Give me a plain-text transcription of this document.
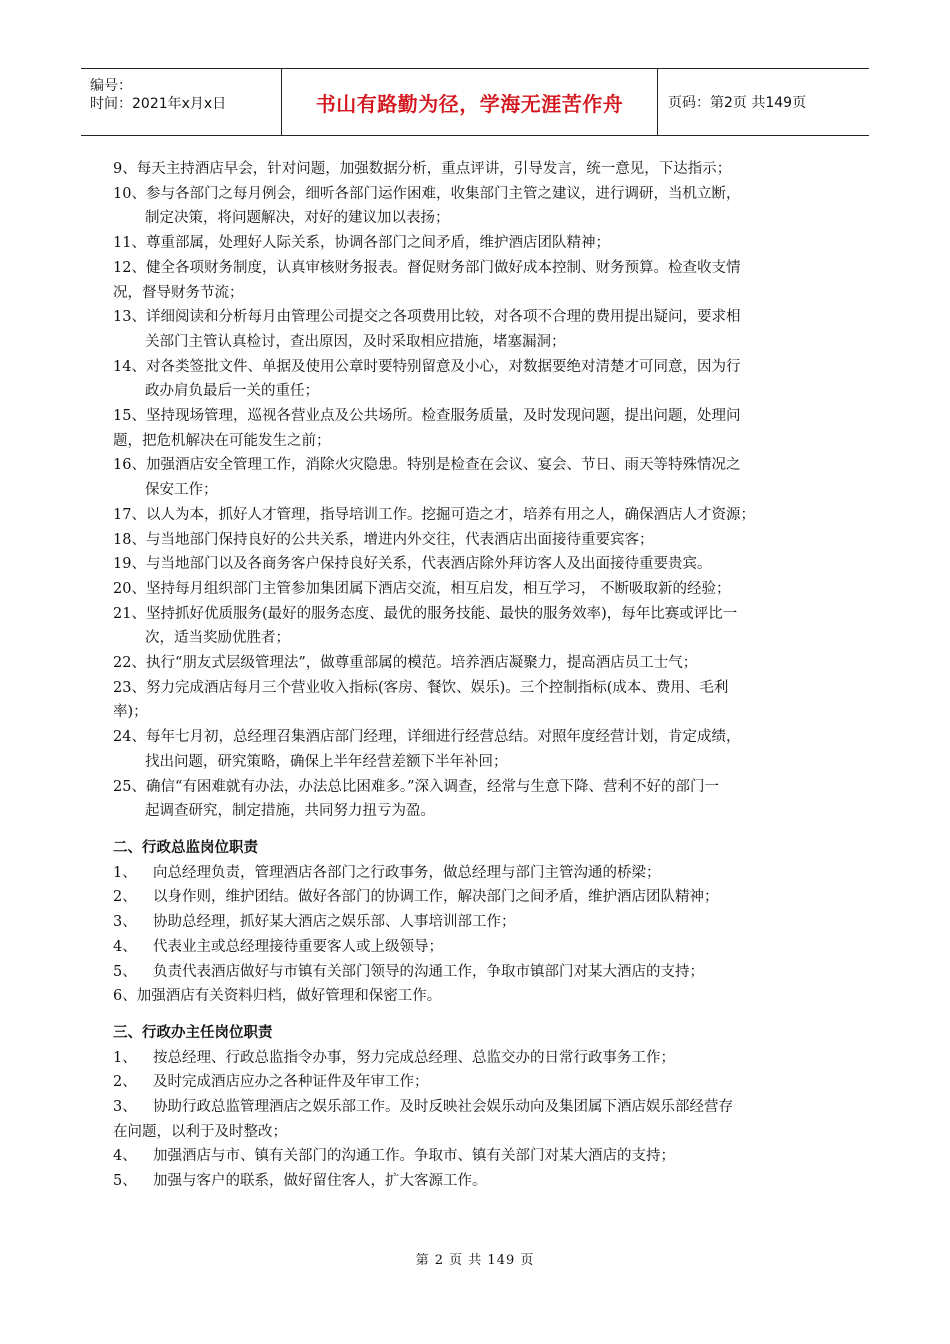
编号：
时间：2021年x月x日	书山有路勤为径，学海无涯苦作舟	页码：第2页 共149页
9、 每天主持酒店早会，针对问题，加强数据分析，重点评讲，引导发言，统一意见，下达指示；
10、 参与各部门之每月例会，细听各部门运作困难，收集部门主管之建议，进行调研，当机立断，
制定决策，将问题解决，对好的建议加以表扬；
11、 尊重部属，处理好人际关系，协调各部门之间矛盾，维护酒店团队精神；
12、健全各项财务制度，认真审核财务报表。督促财务部门做好成本控制、财务预算。检查收支情
况，督导财务节流；
13、 详细阅读和分析每月由管理公司提交之各项费用比较，对各项不合理的费用提出疑问，要求相
关部门主管认真检讨，查出原因，及时采取相应措施，堵塞漏洞；
14、 对各类签批文件、单据及使用公章时要特别留意及小心，对数据要绝对清楚才可同意，因为行
政办肩负最后一关的重任；
15、坚持现场管理，巡视各营业点及公共场所。检查服务质量，及时发现问题，提出问题，处理问
题，把危机解决在可能发生之前；
16、 加强酒店安全管理工作，消除火灾隐患。特别是检查在会议、宴会、节日、雨天等特殊情况之
保安工作；
17、 以人为本，抓好人才管理，指导培训工作。挖掘可造之才，培养有用之人，确保酒店人才资源；
18、 与当地部门保持良好的公共关系，增进内外交往，代表酒店出面接待重要宾客；
19、 与当地部门以及各商务客户保持良好关系，代表酒店除外拜访客人及出面接待重要贵宾。
20、 坚持每月组织部门主管参加集团属下酒店交流，相互启发，相互学习， 不断吸取新的经验；
21、 坚持抓好优质服务(最好的服务态度、最优的服务技能、最快的服务效率)，每年比赛或评比一
次，适当奖励优胜者；
22、 执行“朋友式层级管理法”，做尊重部属的模范。培养酒店凝聚力，提高酒店员工士气；
23、努力完成酒店每月三个营业收入指标(客房、餐饮、娱乐)。三个控制指标(成本、费用、毛利
率)；
24、 每年七月初，总经理召集酒店部门经理，详细进行经营总结。对照年度经营计划，肯定成绩，
找出问题，研究策略，确保上半年经营差额下半年补回；
25、 确信“有困难就有办法，办法总比困难多。”深入调查，经常与生意下降、营利不好的部门一
起调查研究，制定措施，共同努力扭亏为盈。
二、行政总监岗位职责
1、	向总经理负责，管理酒店各部门之行政事务，做总经理与部门主管沟通的桥梁；
2、	以身作则，维护团结。做好各部门的协调工作，解决部门之间矛盾，维护酒店团队精神；
3、	协助总经理，抓好某大酒店之娱乐部、人事培训部工作；
4、	代表业主或总经理接待重要客人或上级领导；
5、	负责代表酒店做好与市镇有关部门领导的沟通工作，争取市镇部门对某大酒店的支持；
6、 加强酒店有关资料归档，做好管理和保密工作。
三、行政办主任岗位职责
1、	按总经理、行政总监指令办事，努力完成总经理、总监交办的日常行政事务工作；
2、	及时完成酒店应办之各种证件及年审工作；
3、	协助行政总监管理酒店之娱乐部工作。及时反映社会娱乐动向及集团属下酒店娱乐部经营存
在问题，以利于及时整改；
4、	加强酒店与市、镇有关部门的沟通工作。争取市、镇有关部门对某大酒店的支持；
5、	加强与客户的联系，做好留住客人，扩大客源工作。
第 2 页 共 149 页
